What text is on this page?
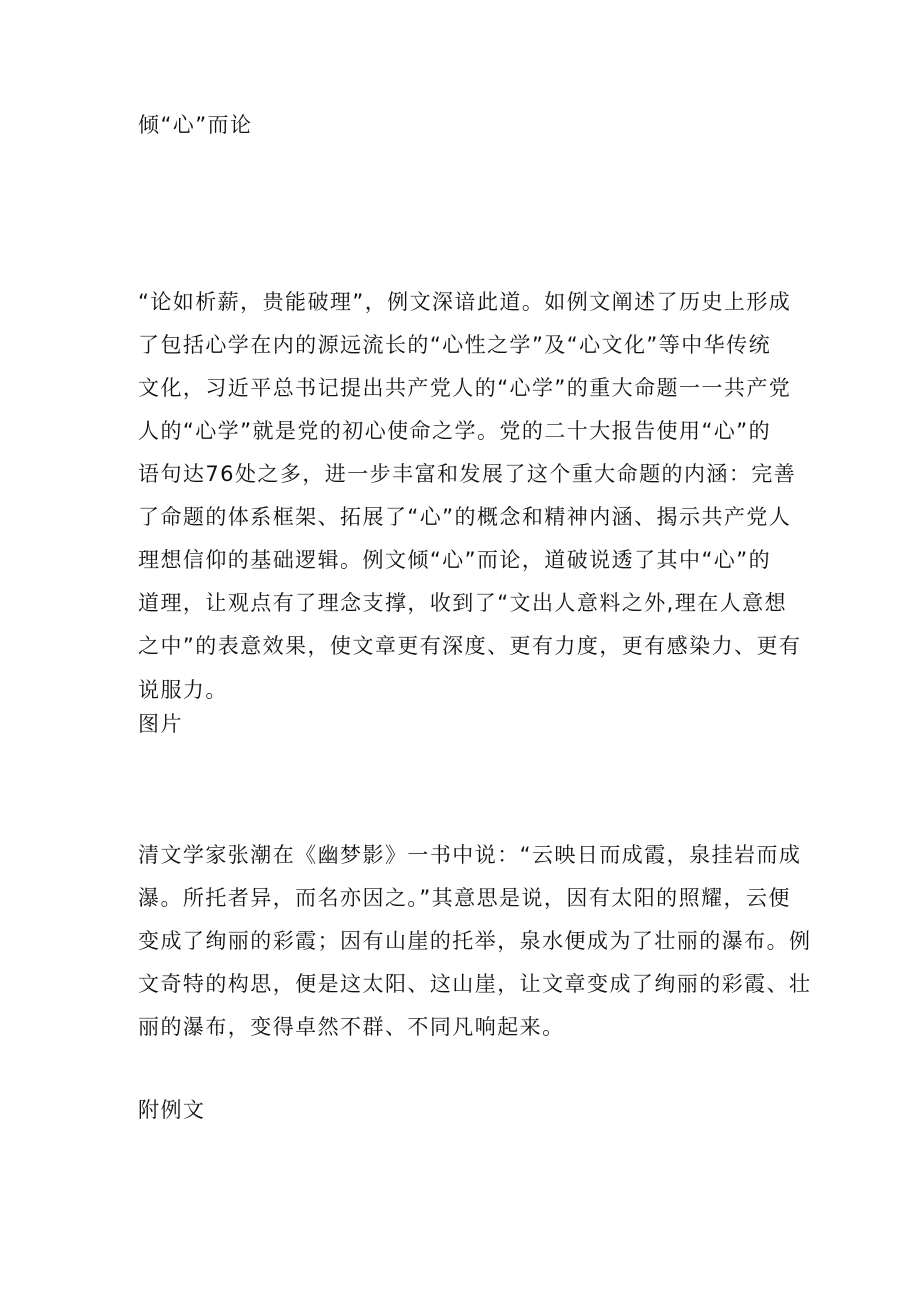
倾“心”而论
“论如析薪，贵能破理”，例文深谙此道。如例文阐述了历史上形成
了包括心学在内的源远流长的“心性之学”及“心文化”等中华传统
文化，习近平总书记提出共产党人的“心学”的重大命题一一共产党
人的“心学”就是党的初心使命之学。党的二十大报告使用“心”的
语句达76处之多，进一步丰富和发展了这个重大命题的内涵：完善
了命题的体系框架、拓展了“心”的概念和精神内涵、揭示共产党人
理想信仰的基础逻辑。例文倾“心”而论，道破说透了其中“心”的
道理，让观点有了理念支撑，收到了“文出人意料之外,理在人意想
之中”的表意效果，使文章更有深度、更有力度，更有感染力、更有
说服力。
图片
清文学家张潮在《幽梦影》一书中说：“云映日而成霞，泉挂岩而成
瀑。所托者异，而名亦因之。”其意思是说，因有太阳的照耀，云便
变成了绚丽的彩霞；因有山崖的托举，泉水便成为了壮丽的瀑布。例
文奇特的构思，便是这太阳、这山崖，让文章变成了绚丽的彩霞、壮
丽的瀑布，变得卓然不群、不同凡响起来。
附例文
